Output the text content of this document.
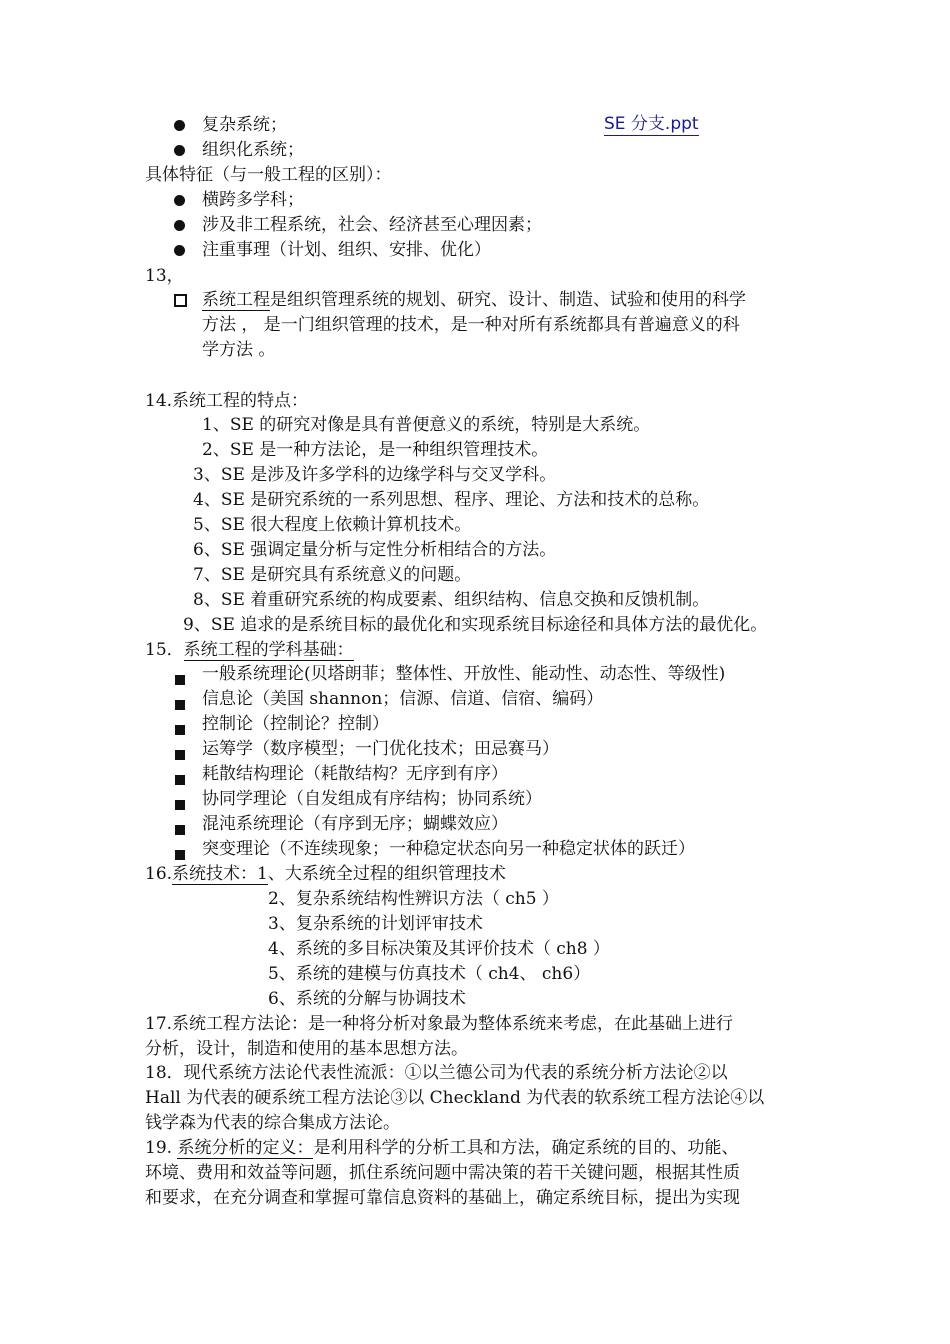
复杂系统；	SE 分支.ppt
组织化系统；
具体特征（与一般工程的区别）：
横跨多学科；
涉及非工程系统，社会、经济甚至心理因素；
注重事理（计划、组织、安排、优化）
13，
系统工程是组织管理系统的规划、研究、设计、制造、试验和使用的科学
方法 ， 是一门组织管理的技术，是一种对所有系统都具有普遍意义的科
学方法 。
14.系统工程的特点：
1、SE 的研究对像是具有普便意义的系统，特别是大系统。
2、SE 是一种方法论，是一种组织管理技术。
3、SE 是涉及许多学科的边缘学科与交叉学科。
4、SE 是研究系统的一系列思想、程序、理论、方法和技术的总称。
5、SE 很大程度上依赖计算机技术。
6、SE 强调定量分析与定性分析相结合的方法。
7、SE 是研究具有系统意义的问题。
8、SE 着重研究系统的构成要素、组织结构、信息交换和反馈机制。
9、SE 追求的是系统目标的最优化和实现系统目标途径和具体方法的最优化。
15．系统工程的学科基础：
一般系统理论(贝塔朗菲；整体性、开放性、能动性、动态性、等级性)
信息论（美国 shannon；信源、信道、信宿、编码）
控制论（控制论？控制）
运筹学（数序模型；一门优化技术；田忌赛马）
耗散结构理论（耗散结构？无序到有序）
协同学理论（自发组成有序结构；协同系统）
混沌系统理论（有序到无序；蝴蝶效应）
突变理论（不连续现象；一种稳定状态向另一种稳定状体的跃迁）
16.系统技术：1、大系统全过程的组织管理技术
2、复杂系统结构性辨识方法（ ch5 ）
3、复杂系统的计划评审技术
4、系统的多目标决策及其评价技术（ ch8 ）
5、系统的建模与仿真技术（ ch4、 ch6）
6、系统的分解与协调技术
17.系统工程方法论：是一种将分析对象最为整体系统来考虑，在此基础上进行
分析，设计，制造和使用的基本思想方法。
18．现代系统方法论代表性流派：①以兰德公司为代表的系统分析方法论②以
Hall 为代表的硬系统工程方法论③以 Checkland 为代表的软系统工程方法论④以
钱学森为代表的综合集成方法论。
19. 系统分析的定义：是利用科学的分析工具和方法，确定系统的目的、功能、
环境、费用和效益等问题，抓住系统问题中需决策的若干关键问题，根据其性质
和要求，在充分调查和掌握可靠信息资料的基础上，确定系统目标，提出为实现
